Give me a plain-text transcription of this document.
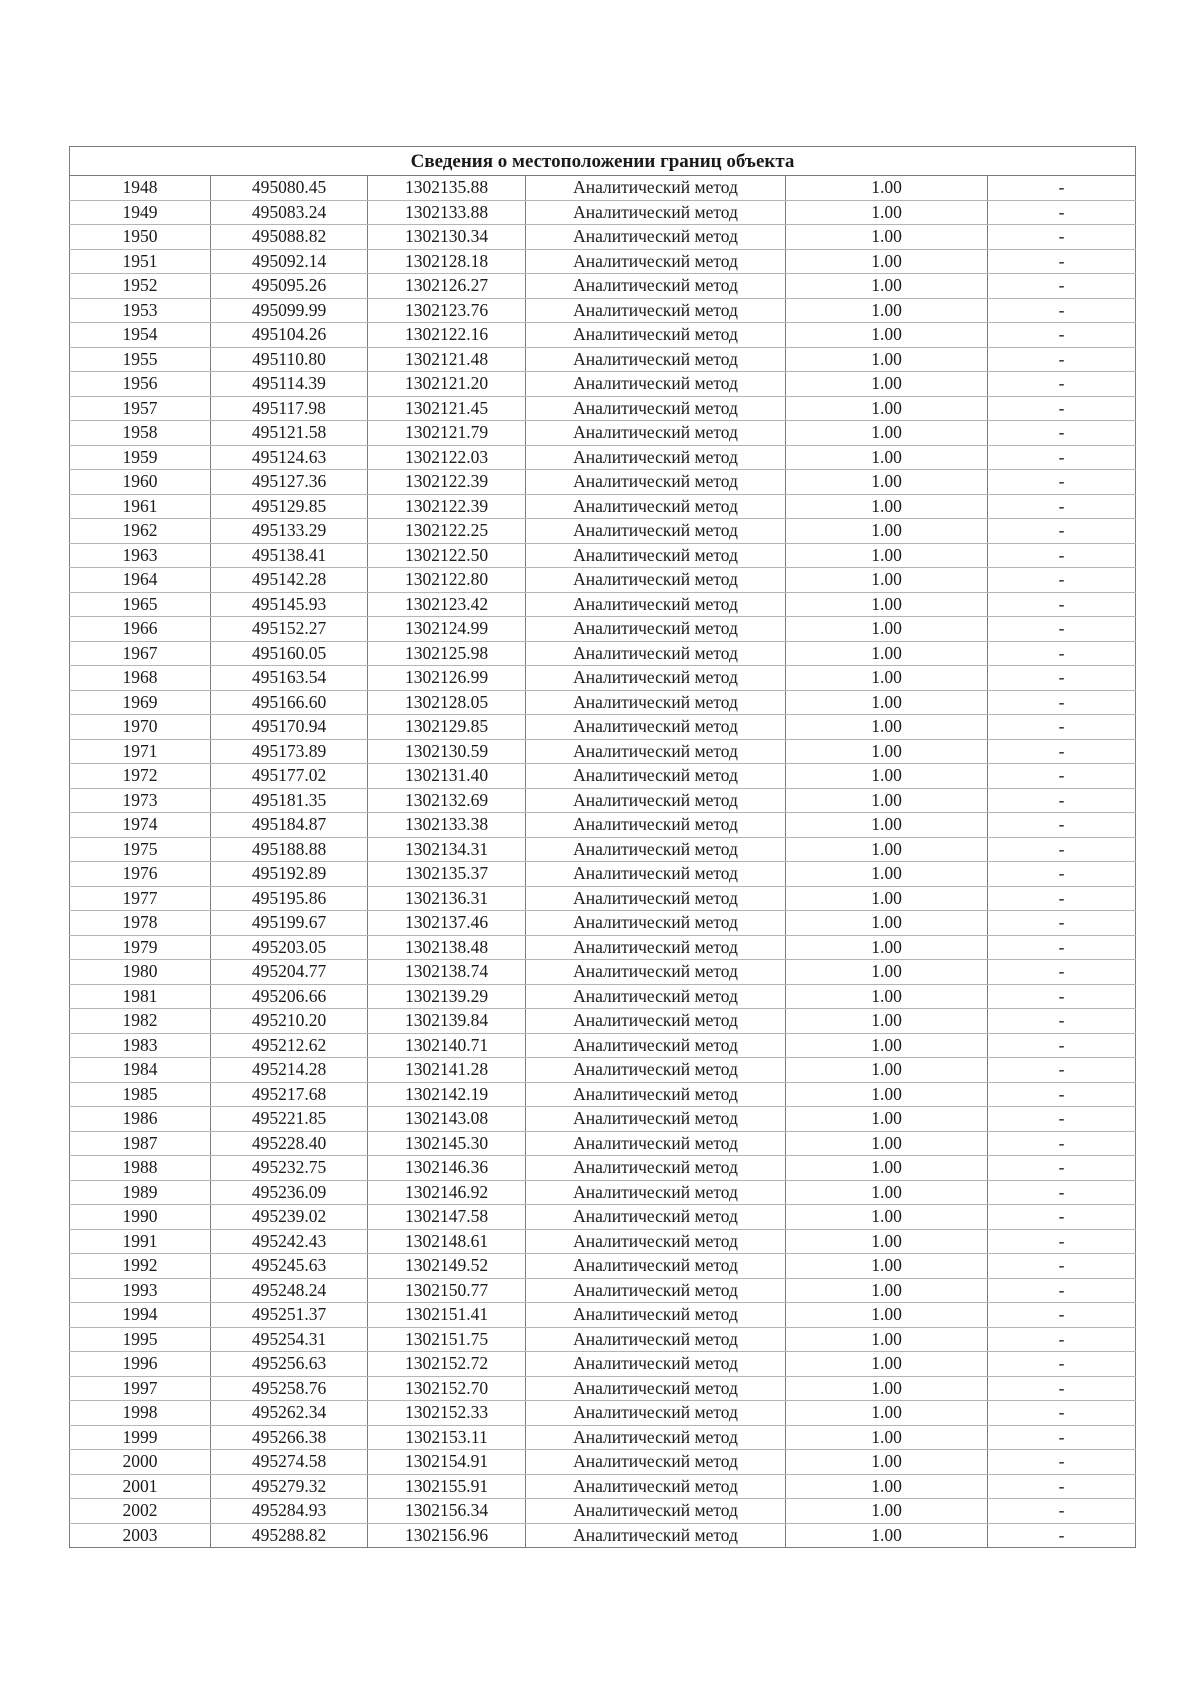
Сведения о местоположении границ объекта					
1948	495080.45	1302135.88	Аналитический метод	1.00	-
1949	495083.24	1302133.88	Аналитический метод	1.00	-
1950	495088.82	1302130.34	Аналитический метод	1.00	-
1951	495092.14	1302128.18	Аналитический метод	1.00	-
1952	495095.26	1302126.27	Аналитический метод	1.00	-
1953	495099.99	1302123.76	Аналитический метод	1.00	-
1954	495104.26	1302122.16	Аналитический метод	1.00	-
1955	495110.80	1302121.48	Аналитический метод	1.00	-
1956	495114.39	1302121.20	Аналитический метод	1.00	-
1957	495117.98	1302121.45	Аналитический метод	1.00	-
1958	495121.58	1302121.79	Аналитический метод	1.00	-
1959	495124.63	1302122.03	Аналитический метод	1.00	-
1960	495127.36	1302122.39	Аналитический метод	1.00	-
1961	495129.85	1302122.39	Аналитический метод	1.00	-
1962	495133.29	1302122.25	Аналитический метод	1.00	-
1963	495138.41	1302122.50	Аналитический метод	1.00	-
1964	495142.28	1302122.80	Аналитический метод	1.00	-
1965	495145.93	1302123.42	Аналитический метод	1.00	-
1966	495152.27	1302124.99	Аналитический метод	1.00	-
1967	495160.05	1302125.98	Аналитический метод	1.00	-
1968	495163.54	1302126.99	Аналитический метод	1.00	-
1969	495166.60	1302128.05	Аналитический метод	1.00	-
1970	495170.94	1302129.85	Аналитический метод	1.00	-
1971	495173.89	1302130.59	Аналитический метод	1.00	-
1972	495177.02	1302131.40	Аналитический метод	1.00	-
1973	495181.35	1302132.69	Аналитический метод	1.00	-
1974	495184.87	1302133.38	Аналитический метод	1.00	-
1975	495188.88	1302134.31	Аналитический метод	1.00	-
1976	495192.89	1302135.37	Аналитический метод	1.00	-
1977	495195.86	1302136.31	Аналитический метод	1.00	-
1978	495199.67	1302137.46	Аналитический метод	1.00	-
1979	495203.05	1302138.48	Аналитический метод	1.00	-
1980	495204.77	1302138.74	Аналитический метод	1.00	-
1981	495206.66	1302139.29	Аналитический метод	1.00	-
1982	495210.20	1302139.84	Аналитический метод	1.00	-
1983	495212.62	1302140.71	Аналитический метод	1.00	-
1984	495214.28	1302141.28	Аналитический метод	1.00	-
1985	495217.68	1302142.19	Аналитический метод	1.00	-
1986	495221.85	1302143.08	Аналитический метод	1.00	-
1987	495228.40	1302145.30	Аналитический метод	1.00	-
1988	495232.75	1302146.36	Аналитический метод	1.00	-
1989	495236.09	1302146.92	Аналитический метод	1.00	-
1990	495239.02	1302147.58	Аналитический метод	1.00	-
1991	495242.43	1302148.61	Аналитический метод	1.00	-
1992	495245.63	1302149.52	Аналитический метод	1.00	-
1993	495248.24	1302150.77	Аналитический метод	1.00	-
1994	495251.37	1302151.41	Аналитический метод	1.00	-
1995	495254.31	1302151.75	Аналитический метод	1.00	-
1996	495256.63	1302152.72	Аналитический метод	1.00	-
1997	495258.76	1302152.70	Аналитический метод	1.00	-
1998	495262.34	1302152.33	Аналитический метод	1.00	-
1999	495266.38	1302153.11	Аналитический метод	1.00	-
2000	495274.58	1302154.91	Аналитический метод	1.00	-
2001	495279.32	1302155.91	Аналитический метод	1.00	-
2002	495284.93	1302156.34	Аналитический метод	1.00	-
2003	495288.82	1302156.96	Аналитический метод	1.00	-
